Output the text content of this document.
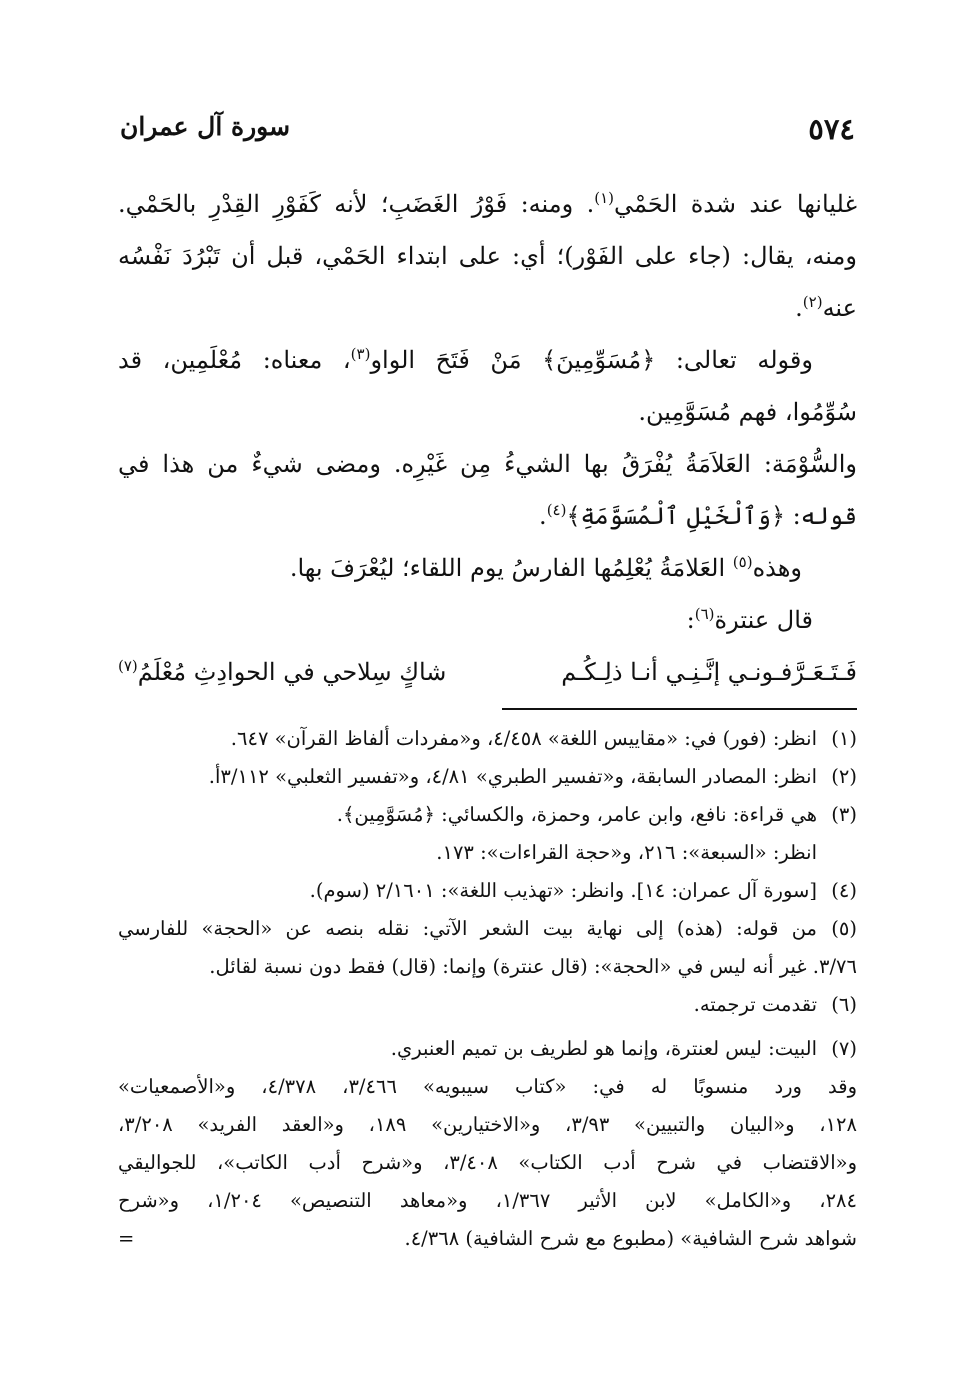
٥٧٤
سورة آل عمران
غليانها عند شدة الحَمْي$^{(١)}$. ومنه: فَوْرُ الغَضَبِ؛ لأنه كَفَوْرِ القِدْرِ بالحَمْي.
ومنه، يقال: (جاء على الفَوْر)؛ أي: على ابتداء الحَمْي، قبل أن تَبْرُدَ نَفْسُه
عنه$^{(٢)}$.
وقوله تعالى: ﴿مُسَوِّمِينَ﴾ مَنْ فَتَحَ الواو$^{(٣)}$، معناه: مُعْلَمِين، قد
سُوِّمُوا، فهم مُسَوَّمِين.
والسُّوْمَة: العَلاَمَةُ يُفْرَقُ بها الشيءُ مِن غَيْرِه. ومضى شيءٌ من هذا في
قوله: ﴿وَٱلْخَيْلِ ٱلْمُسَوَّمَةِ﴾$^{(٤)}$.
وهذه$^{(٥)}$ العَلامَةُ يُعْلِمُها الفارسُ يوم اللقاء؛ ليُعْرَفَ بها.
قال عنترة$^{(٦)}$:
فَـتَـعَـرَّفـونـي إنَّـنِـي أنـا ذلِـكُـم
شاكٍ سِلاحي في الحوادِثِ مُعْلَمُ$^{(٧)}$
(١)
انظر: (فور) في: «مقاييس اللغة» ٤/٤٥٨، و«مفردات ألفاظ القرآن» ٦٤٧.
(٢)
انظر: المصادر السابقة، و«تفسير الطبري» ٤/٨١، و«تفسير الثعلبي» ٣/١١٢أ.
(٣)
هي قراءة: نافع، وابن عامر، وحمزة، والكسائي: ﴿مُسَوَّمِين﴾.
انظر: «السبعة»: ٢١٦، و«حجة القراءات»: ١٧٣.
(٤)
[سورة آل عمران: ١٤]. وانظر: «تهذيب اللغة»: ٢/١٦٠١ (سوم).
(٥)
من قوله: (هذه) إلى نهاية بيت الشعر الآتي: نقله بنصه عن «الحجة» للفارسي
٣/٧٦. غير أنه ليس في «الحجة»: (قال عنترة) وإنما: (قال) فقط دون نسبة لقائل.
(٦)
تقدمت ترجمته.
(٧)
البيت: ليس لعنترة، وإنما هو لطريف بن تميم العنبري.
وقد ورد منسوبًا له في: «كتاب سيبويه» ٣/٤٦٦، ٤/٣٧٨، و«الأصمعيات»
١٢٨، و«البيان والتبيين» ٣/٩٣، و«الاختيارين» ١٨٩، و«العقد الفريد» ٣/٢٠٨،
و«الاقتضاب في شرح أدب الكتاب» ٣/٤٠٨، و«شرح أدب الكاتب»، للجواليقي
٢٨٤، و«الكامل» لابن الأثير ١/٣٦٧، و«معاهد التنصيص» ١/٢٠٤، و«شرح
شواهد شرح الشافية» (مطبوع مع شرح الشافية) ٤/٣٦٨.
=
